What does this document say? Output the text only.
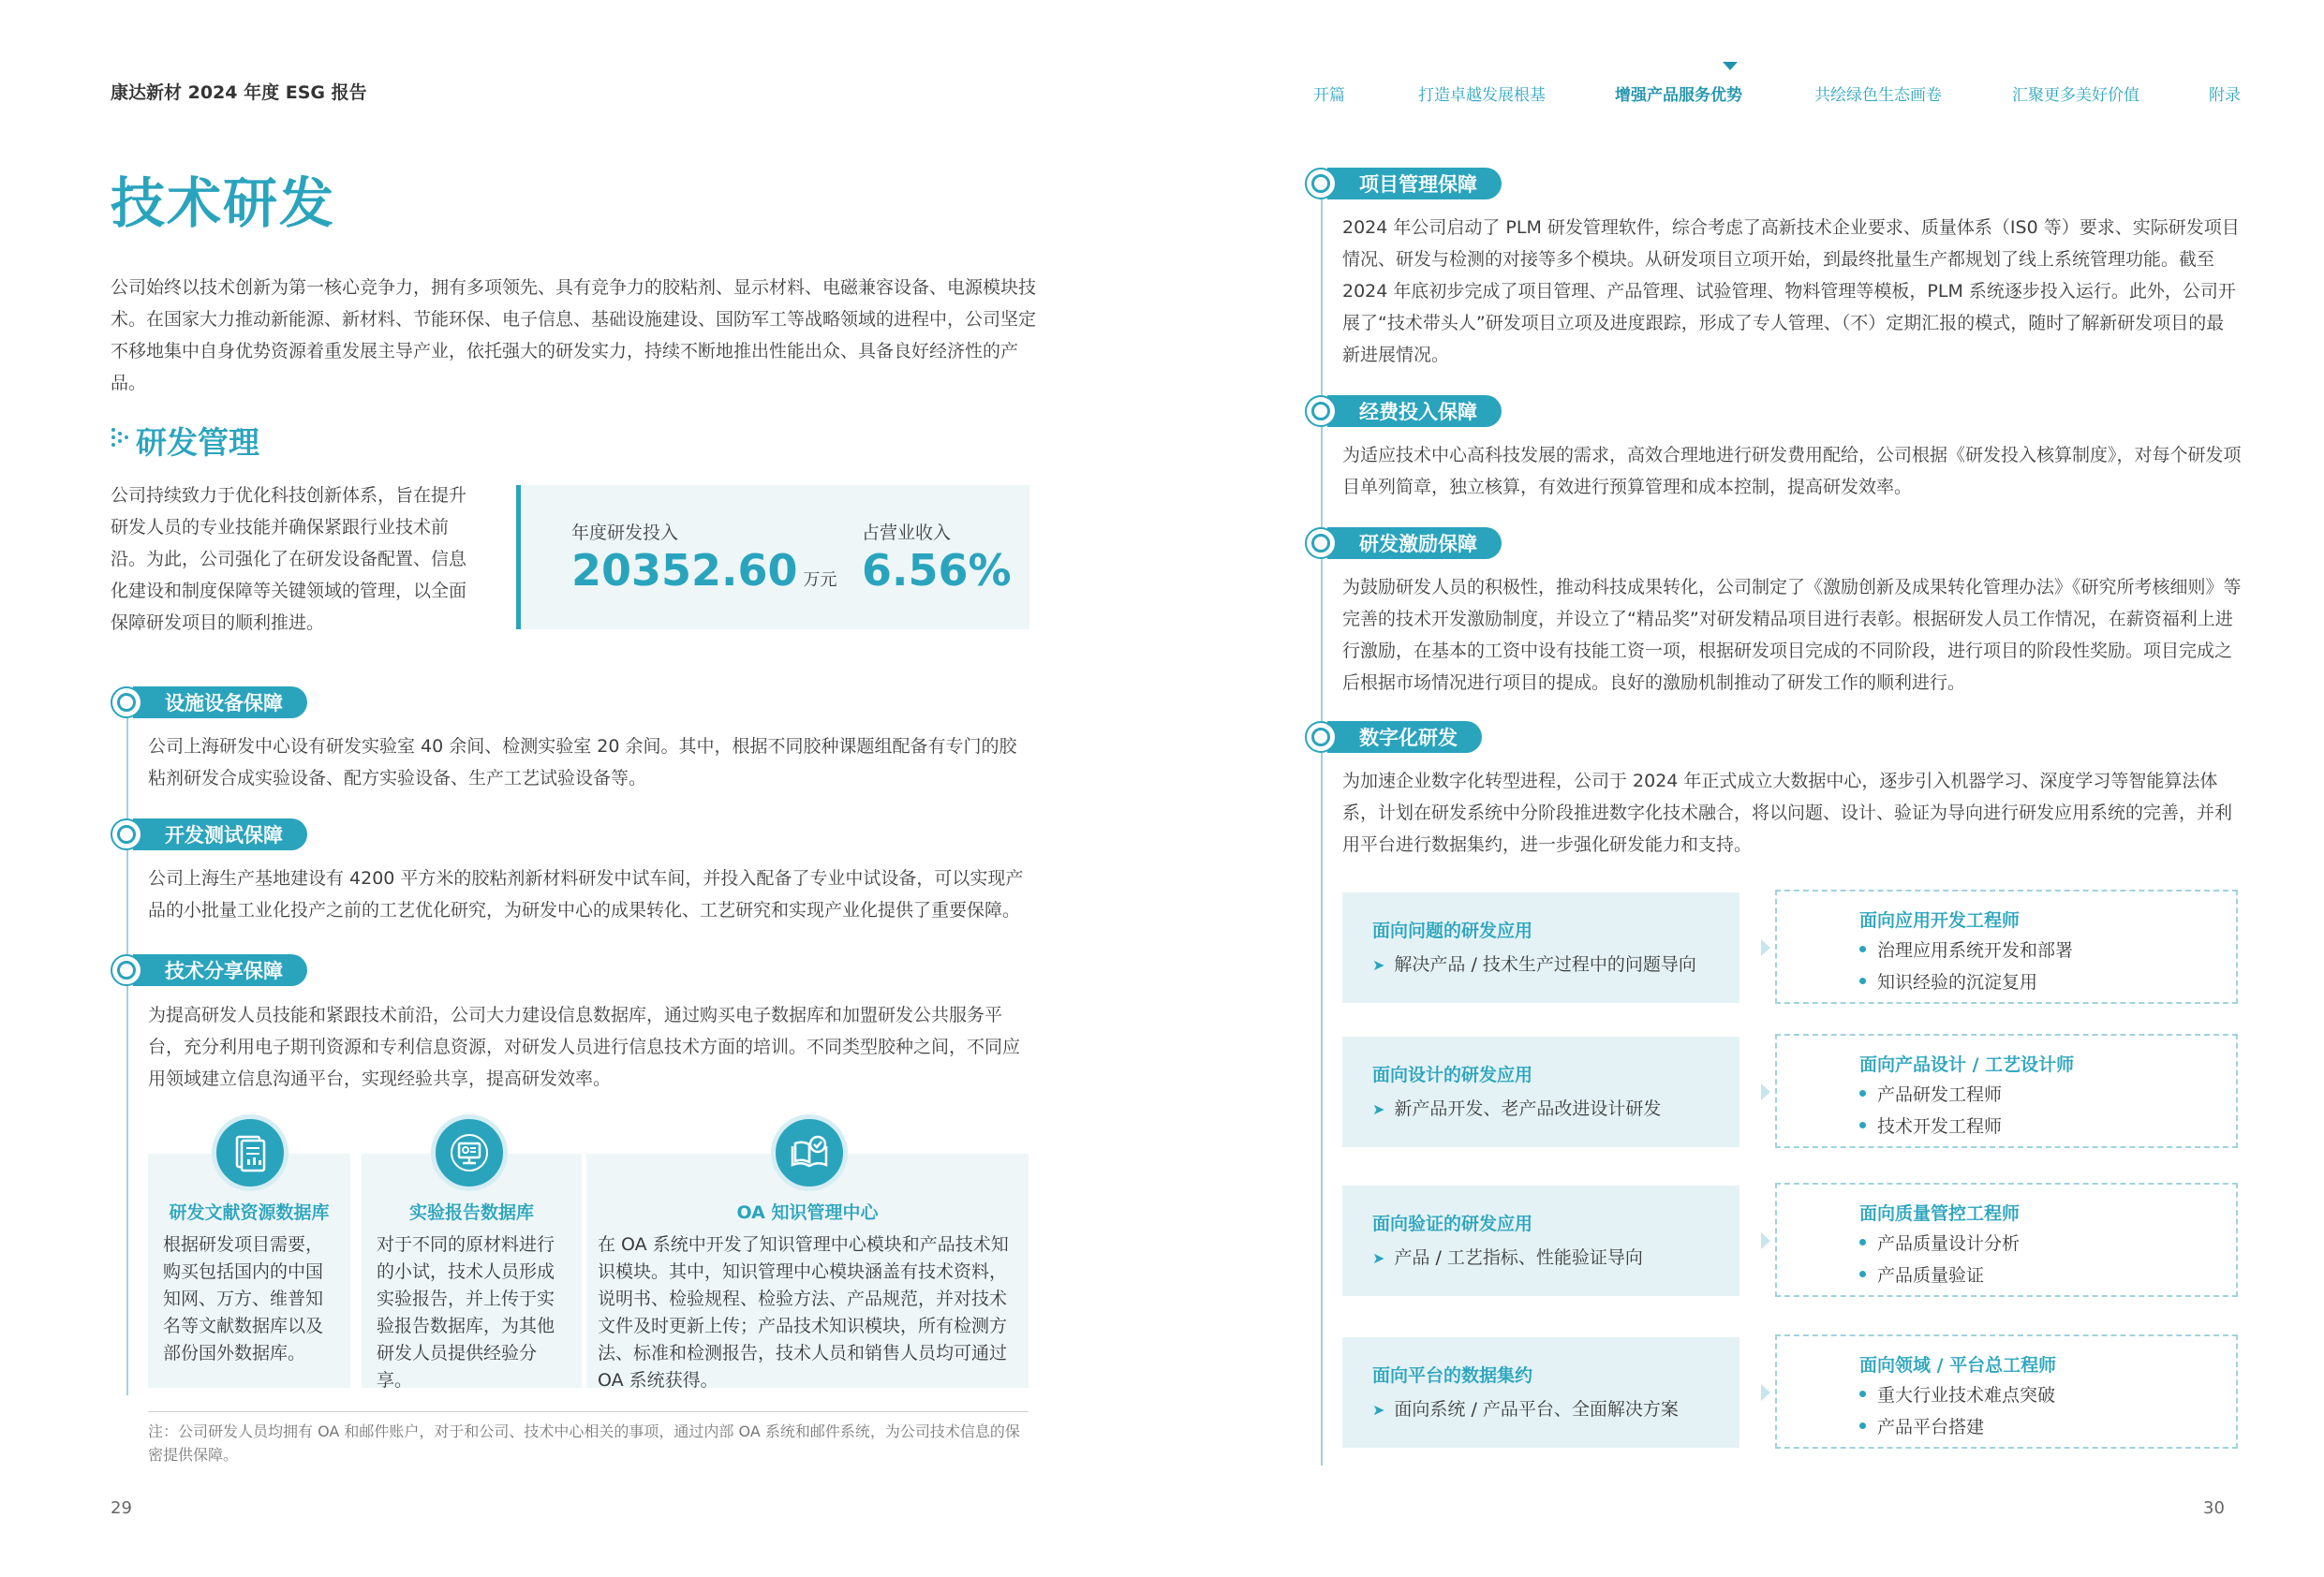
康达新材 2024 年度 ESG 报告	开篇	打造卓越发展根基	增强产品服务优势	共绘绿色生态画卷	汇聚更多美好价值	附录
技术研发
公司始终以技术创新为第一核心竞争力，拥有多项领先、具有竞争力的胶粘剂、显示材料、电磁兼容设备、电源模块技术。在国家大力推动新能源、新材料、节能环保、电子信息、基础设施建设、国防军工等战略领域的进程中，公司坚定不移地集中自身优势资源着重发展主导产业，依托强大的研发实力，持续不断地推出性能出众、具备良好经济性的产品。
研发管理
公司持续致力于优化科技创新体系，旨在提升研发人员的专业技能并确保紧跟行业技术前沿。为此，公司强化了在研发设备配置、信息化建设和制度保障等关键领域的管理，以全面保障研发项目的顺利推进。
年度研发投入
20352.60 万元
占营业收入
6.56%
设施设备保障
公司上海研发中心设有研发实验室 40 余间、检测实验室 20 余间。其中，根据不同胶种课题组配备有专门的胶粘剂研发合成实验设备、配方实验设备、生产工艺试验设备等。
开发测试保障
公司上海生产基地建设有 4200 平方米的胶粘剂新材料研发中试车间，并投入配备了专业中试设备，可以实现产品的小批量工业化投产之前的工艺优化研究，为研发中心的成果转化、工艺研究和实现产业化提供了重要保障。
技术分享保障
为提高研发人员技能和紧跟技术前沿，公司大力建设信息数据库，通过购买电子数据库和加盟研发公共服务平台，充分利用电子期刊资源和专利信息资源，对研发人员进行信息技术方面的培训。不同类型胶种之间，不同应用领域建立信息沟通平台，实现经验共享，提高研发效率。
研发文献资源数据库
根据研发项目需要，购买包括国内的中国知网、万方、维普知名等文献数据库以及部份国外数据库。
实验报告数据库
对于不同的原材料进行的小试，技术人员形成实验报告，并上传于实验报告数据库，为其他研发人员提供经验分享。
OA 知识管理中心
在 OA 系统中开发了知识管理中心模块和产品技术知识模块。其中，知识管理中心模块涵盖有技术资料，说明书、检验规程、检验方法、产品规范，并对技术文件及时更新上传；产品技术知识模块，所有检测方法、标准和检测报告，技术人员和销售人员均可通过 OA 系统获得。
注：公司研发人员均拥有 OA 和邮件账户，对于和公司、技术中心相关的事项，通过内部 OA 系统和邮件系统，为公司技术信息的保密提供保障。
29
项目管理保障
2024 年公司启动了 PLM 研发管理软件，综合考虑了高新技术企业要求、质量体系（IS0 等）要求、实际研发项目情况、研发与检测的对接等多个模块。从研发项目立项开始，到最终批量生产都规划了线上系统管理功能。截至 2024 年底初步完成了项目管理、产品管理、试验管理、物料管理等模板，PLM 系统逐步投入运行。此外，公司开展了“技术带头人”研发项目立项及进度跟踪，形成了专人管理、（不）定期汇报的模式，随时了解新研发项目的最新进展情况。
经费投入保障
为适应技术中心高科技发展的需求，高效合理地进行研发费用配给，公司根据《研发投入核算制度》，对每个研发项目单列简章，独立核算，有效进行预算管理和成本控制，提高研发效率。
研发激励保障
为鼓励研发人员的积极性，推动科技成果转化，公司制定了《激励创新及成果转化管理办法》《研究所考核细则》等完善的技术开发激励制度，并设立了“精品奖”对研发精品项目进行表彰。根据研发人员工作情况，在薪资福利上进行激励，在基本的工资中设有技能工资一项，根据研发项目完成的不同阶段，进行项目的阶段性奖励。项目完成之后根据市场情况进行项目的提成。良好的激励机制推动了研发工作的顺利进行。
数字化研发
为加速企业数字化转型进程，公司于 2024 年正式成立大数据中心，逐步引入机器学习、深度学习等智能算法体系，计划在研发系统中分阶段推进数字化技术融合，将以问题、设计、验证为导向进行研发应用系统的完善，并利用平台进行数据集约，进一步强化研发能力和支持。
面向问题的研发应用
➤ 解决产品 / 技术生产过程中的问题导向
面向应用开发工程师
治理应用系统开发和部署
知识经验的沉淀复用
面向设计的研发应用
➤ 新产品开发、老产品改进设计研发
面向产品设计 / 工艺设计师
产品研发工程师
技术开发工程师
面向验证的研发应用
➤ 产品 / 工艺指标、性能验证导向
面向质量管控工程师
产品质量设计分析
产品质量验证
面向平台的数据集约
➤ 面向系统 / 产品平台、全面解决方案
面向领域 / 平台总工程师
重大行业技术难点突破
产品平台搭建
30
